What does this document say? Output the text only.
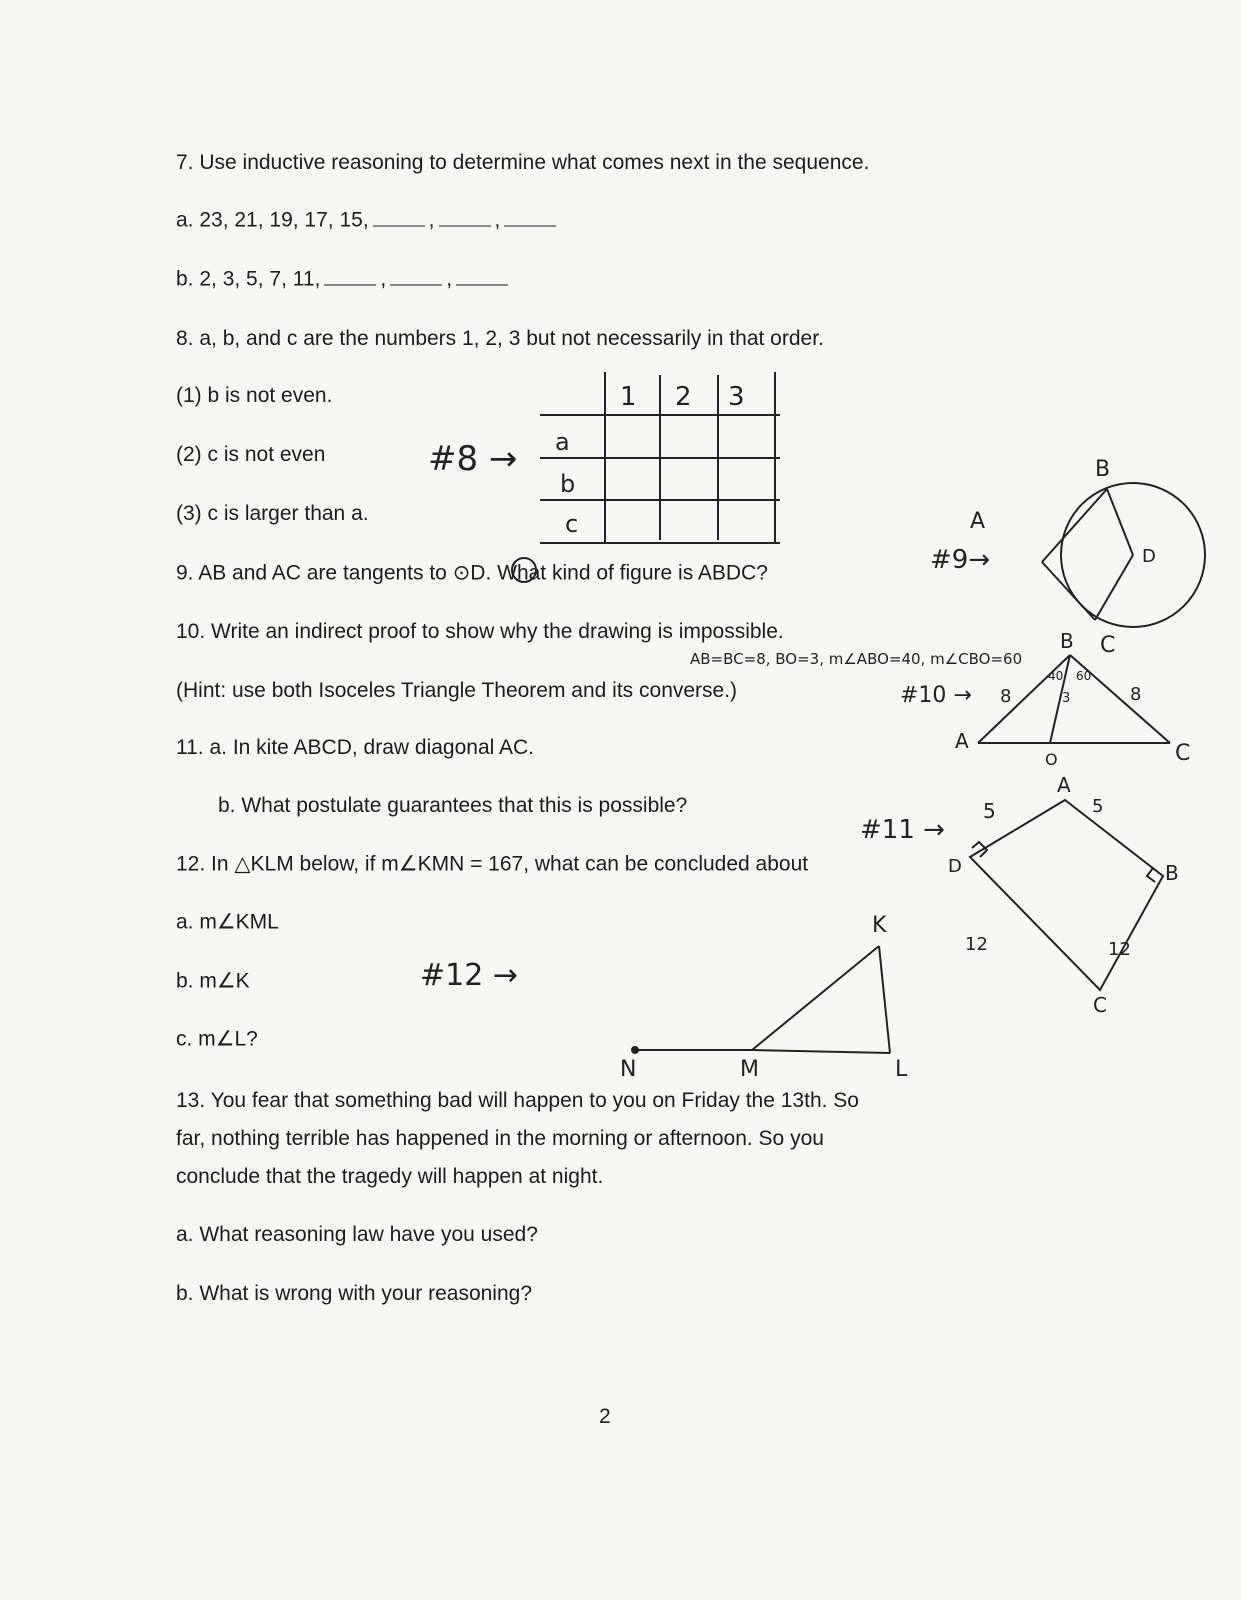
7. Use inductive reasoning to determine what comes next in the sequence.
a. 23, 21, 19, 17, 15,	,	,
b. 2, 3, 5, 7, 11,	,	,
8. a, b, and c are the numbers 1, 2, 3 but not necessarily in that order.
(1) b is not even.
(2) c is not even
(3) c is larger than a.
9. AB and AC are tangents to ⊙D. What kind of figure is ABDC?
10. Write an indirect proof to show why the drawing is impossible.
(Hint: use both Isoceles Triangle Theorem and its converse.)
11. a. In kite ABCD, draw diagonal AC.
b. What postulate guarantees that this is possible?
12. In △KLM below, if m∠KMN = 167, what can be concluded about
a. m∠KML
b. m∠K
c. m∠L?
13. You fear that something bad will happen to you on Friday the 13th. So
far, nothing terrible has happened in the morning or afternoon. So you
conclude that the tragedy will happen at night.
a. What reasoning law have you used?
b. What is wrong with your reasoning?
2
#8 →
1 2 3
a
b
c
#9→
A
B
C
D
AB=BC=8, BO=3, m∠ABO=40, m∠CBO=60
#10 →
A
B
C
O
8	8
3
40 60
#11 →
A
B
C
D
5	5
12	12
#12 →
K
L
M
N
